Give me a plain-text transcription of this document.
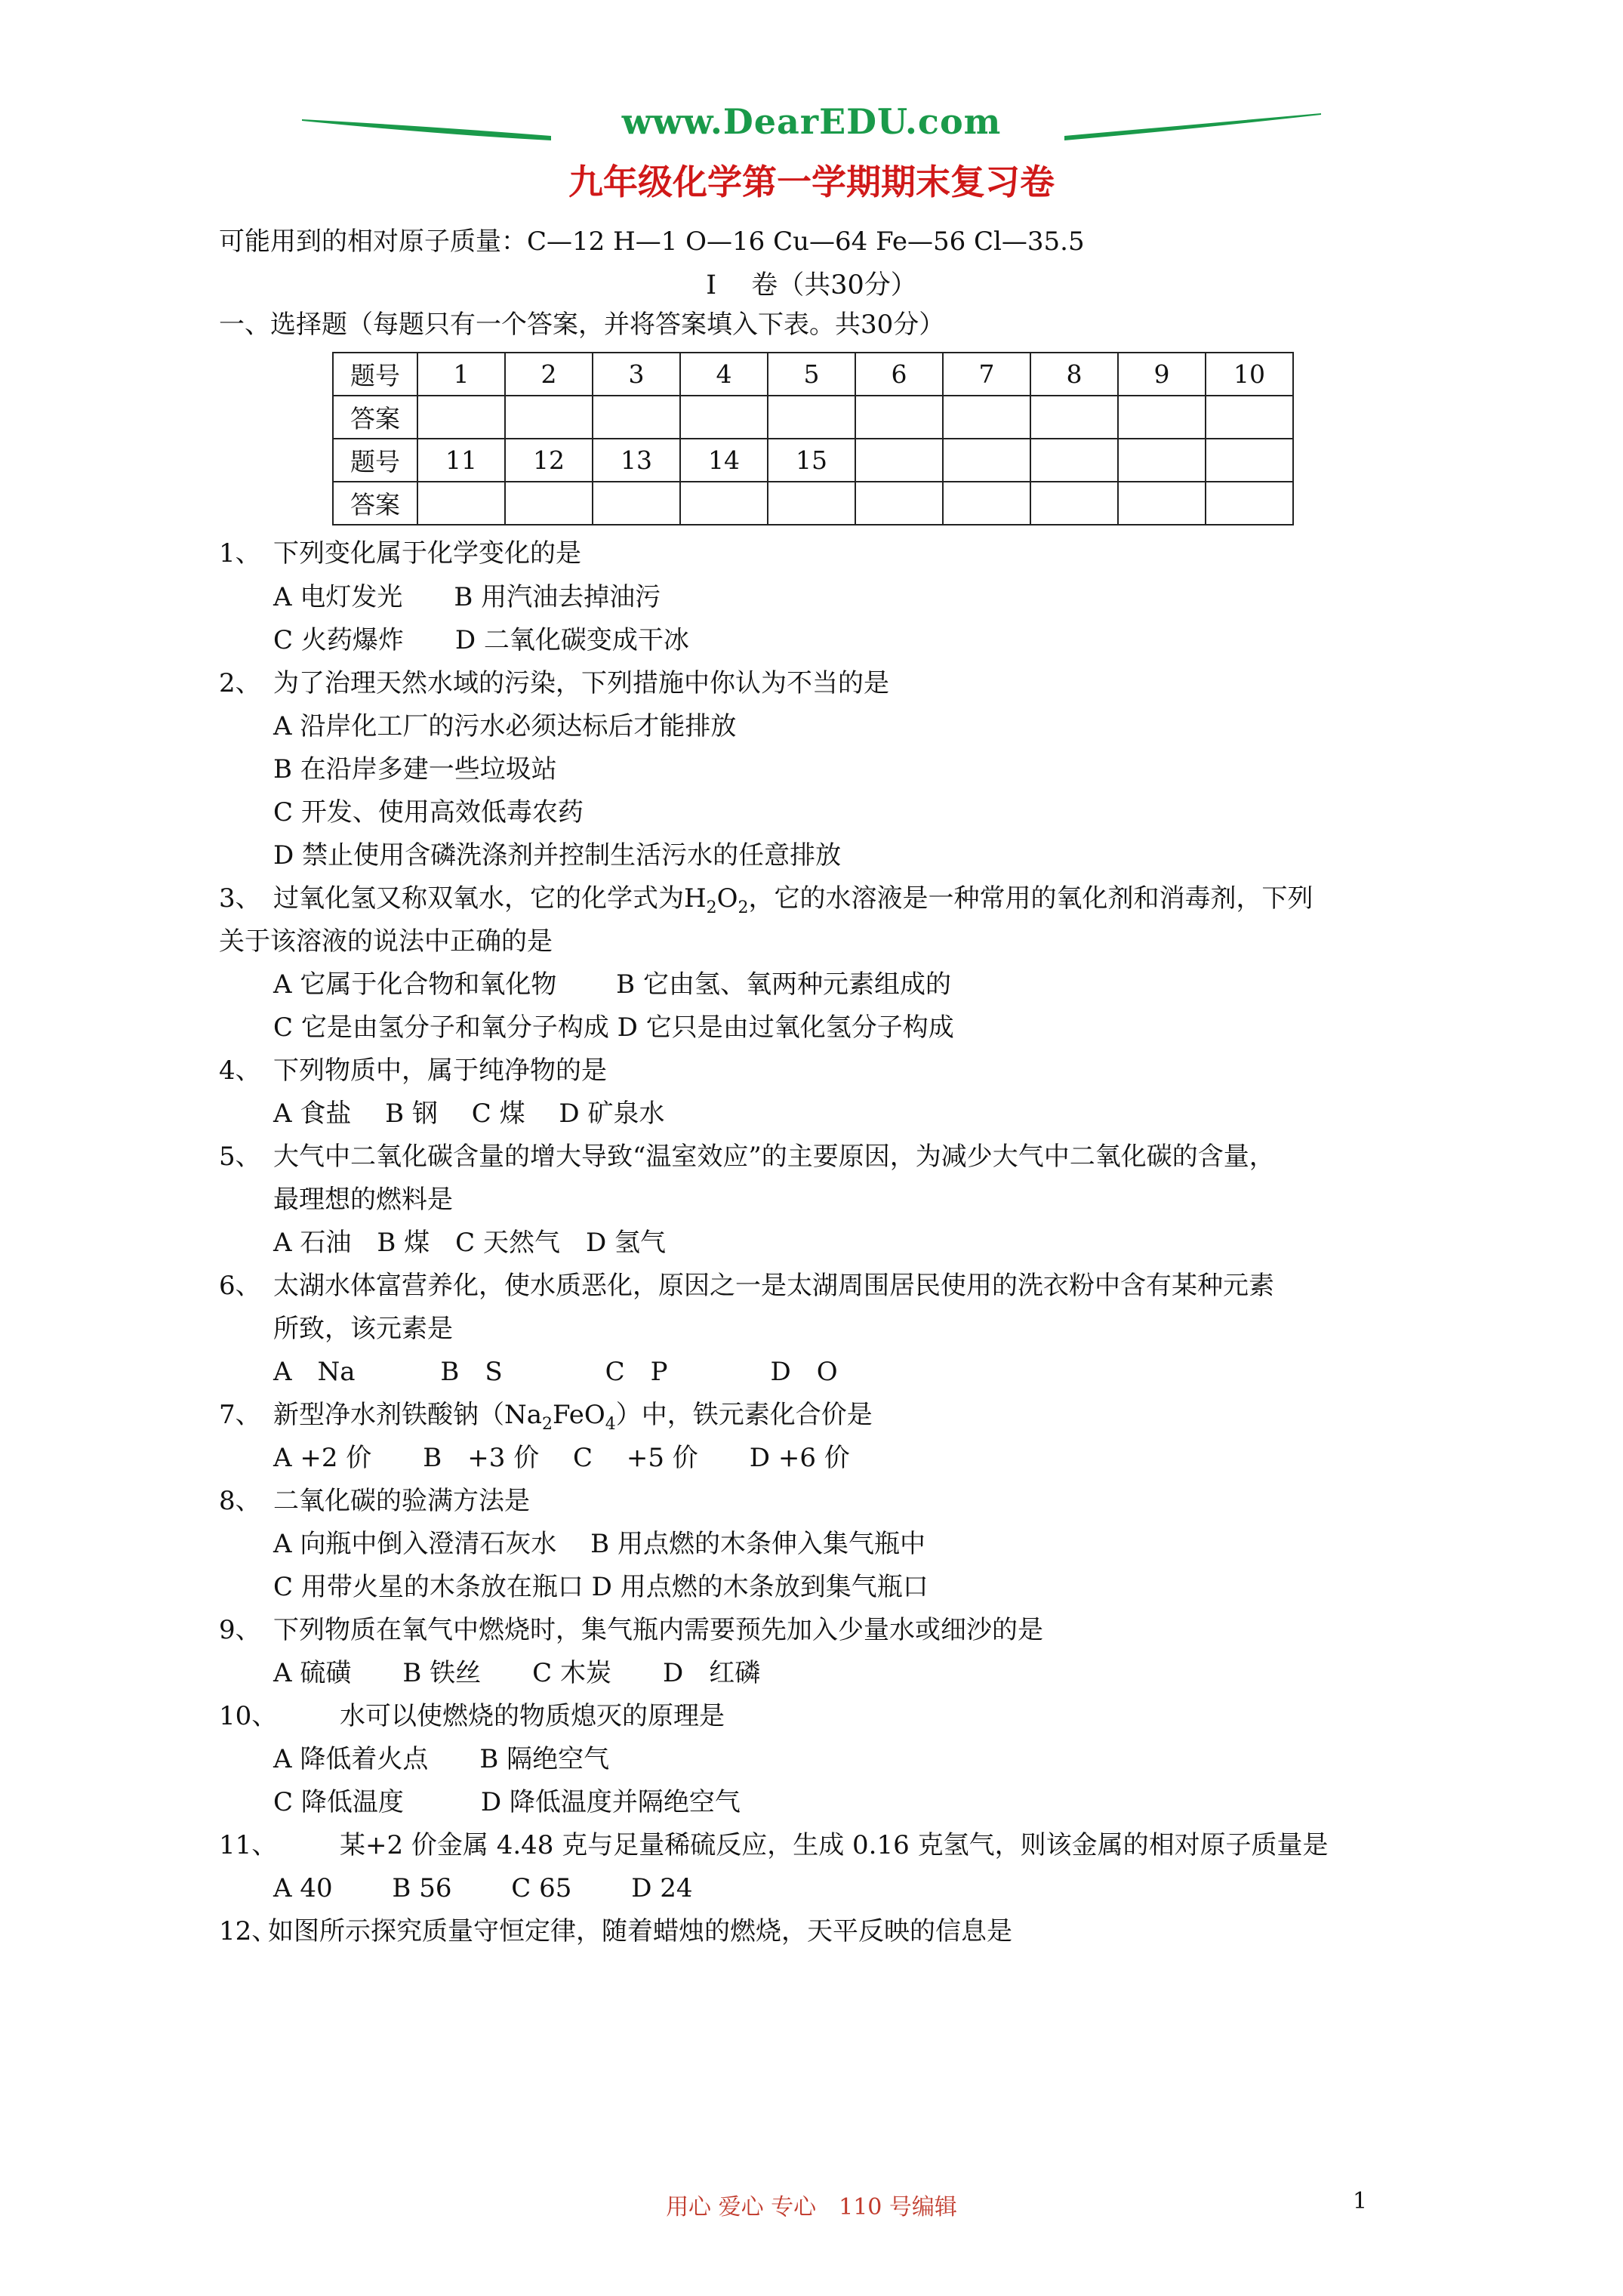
www.DearEDU.com
九年级化学第一学期期末复习卷
可能用到的相对原子质量：C—12 H—1 O—16 Cu—64 Fe—56 Cl—35.5
I　 卷（共30分）
一、选择题（每题只有一个答案，并将答案填入下表。共30分）
题号	1	2	3	4	5	6	7	8	9	10
答案										
题号	11	12	13	14	15					
答案										
1、 下列变化属于化学变化的是
A 电灯发光　　B 用汽油去掉油污
C 火药爆炸　　D 二氧化碳变成干冰
2、 为了治理天然水域的污染，下列措施中你认为不当的是
A 沿岸化工厂的污水必须达标后才能排放
B 在沿岸多建一些垃圾站
C 开发、使用高效低毒农药
D 禁止使用含磷洗涤剂并控制生活污水的任意排放
3、 过氧化氢又称双氧水，它的化学式为$H_2O_2$，它的水溶液是一种常用的氧化剂和消毒剂，下列
关于该溶液的说法中正确的是
A 它属于化合物和氧化物　　 B 它由氢、氧两种元素组成的
C 它是由氢分子和氧分子构成 D 它只是由过氧化氢分子构成
4、 下列物质中，属于纯净物的是
A 食盐　 B 钢　 C 煤　 D 矿泉水
5、 大气中二氧化碳含量的增大导致“温室效应”的主要原因，为减少大气中二氧化碳的含量，
最理想的燃料是
A 石油　B 煤　C 天然气　D 氢气
6、 太湖水体富营养化，使水质恶化，原因之一是太湖周围居民使用的洗衣粉中含有某种元素
所致，该元素是
A　Na　　　 B　S　　　　C　P　　　　D　O
7、 新型净水剂铁酸钠$(Na_2FeO_4)$中，铁元素化合价是
A +2 价　　B　+3 价　 C　 +5 价　　D +6 价
8、 二氧化碳的验满方法是
A 向瓶中倒入澄清石灰水　 B 用点燃的木条伸入集气瓶中
C 用带火星的木条放在瓶口 D 用点燃的木条放到集气瓶口
9、 下列物质在氧气中燃烧时，集气瓶内需要预先加入少量水或细沙的是
A 硫磺　　B 铁丝　　C 木炭　　D　红磷
10、 水可以使燃烧的物质熄灭的原理是
A 降低着火点　　B 隔绝空气
C 降低温度　　　D 降低温度并隔绝空气
11、 某+2 价金属 4.48 克与足量稀硫反应，生成 0.16 克氢气，则该金属的相对原子质量是
A 40　　 B 56　　 C 65　　 D 24
12、
如图所示探究质量守恒定律，随着蜡烛的燃烧，天平反映的信息是
用心 爱心 专心　110 号编辑	1
